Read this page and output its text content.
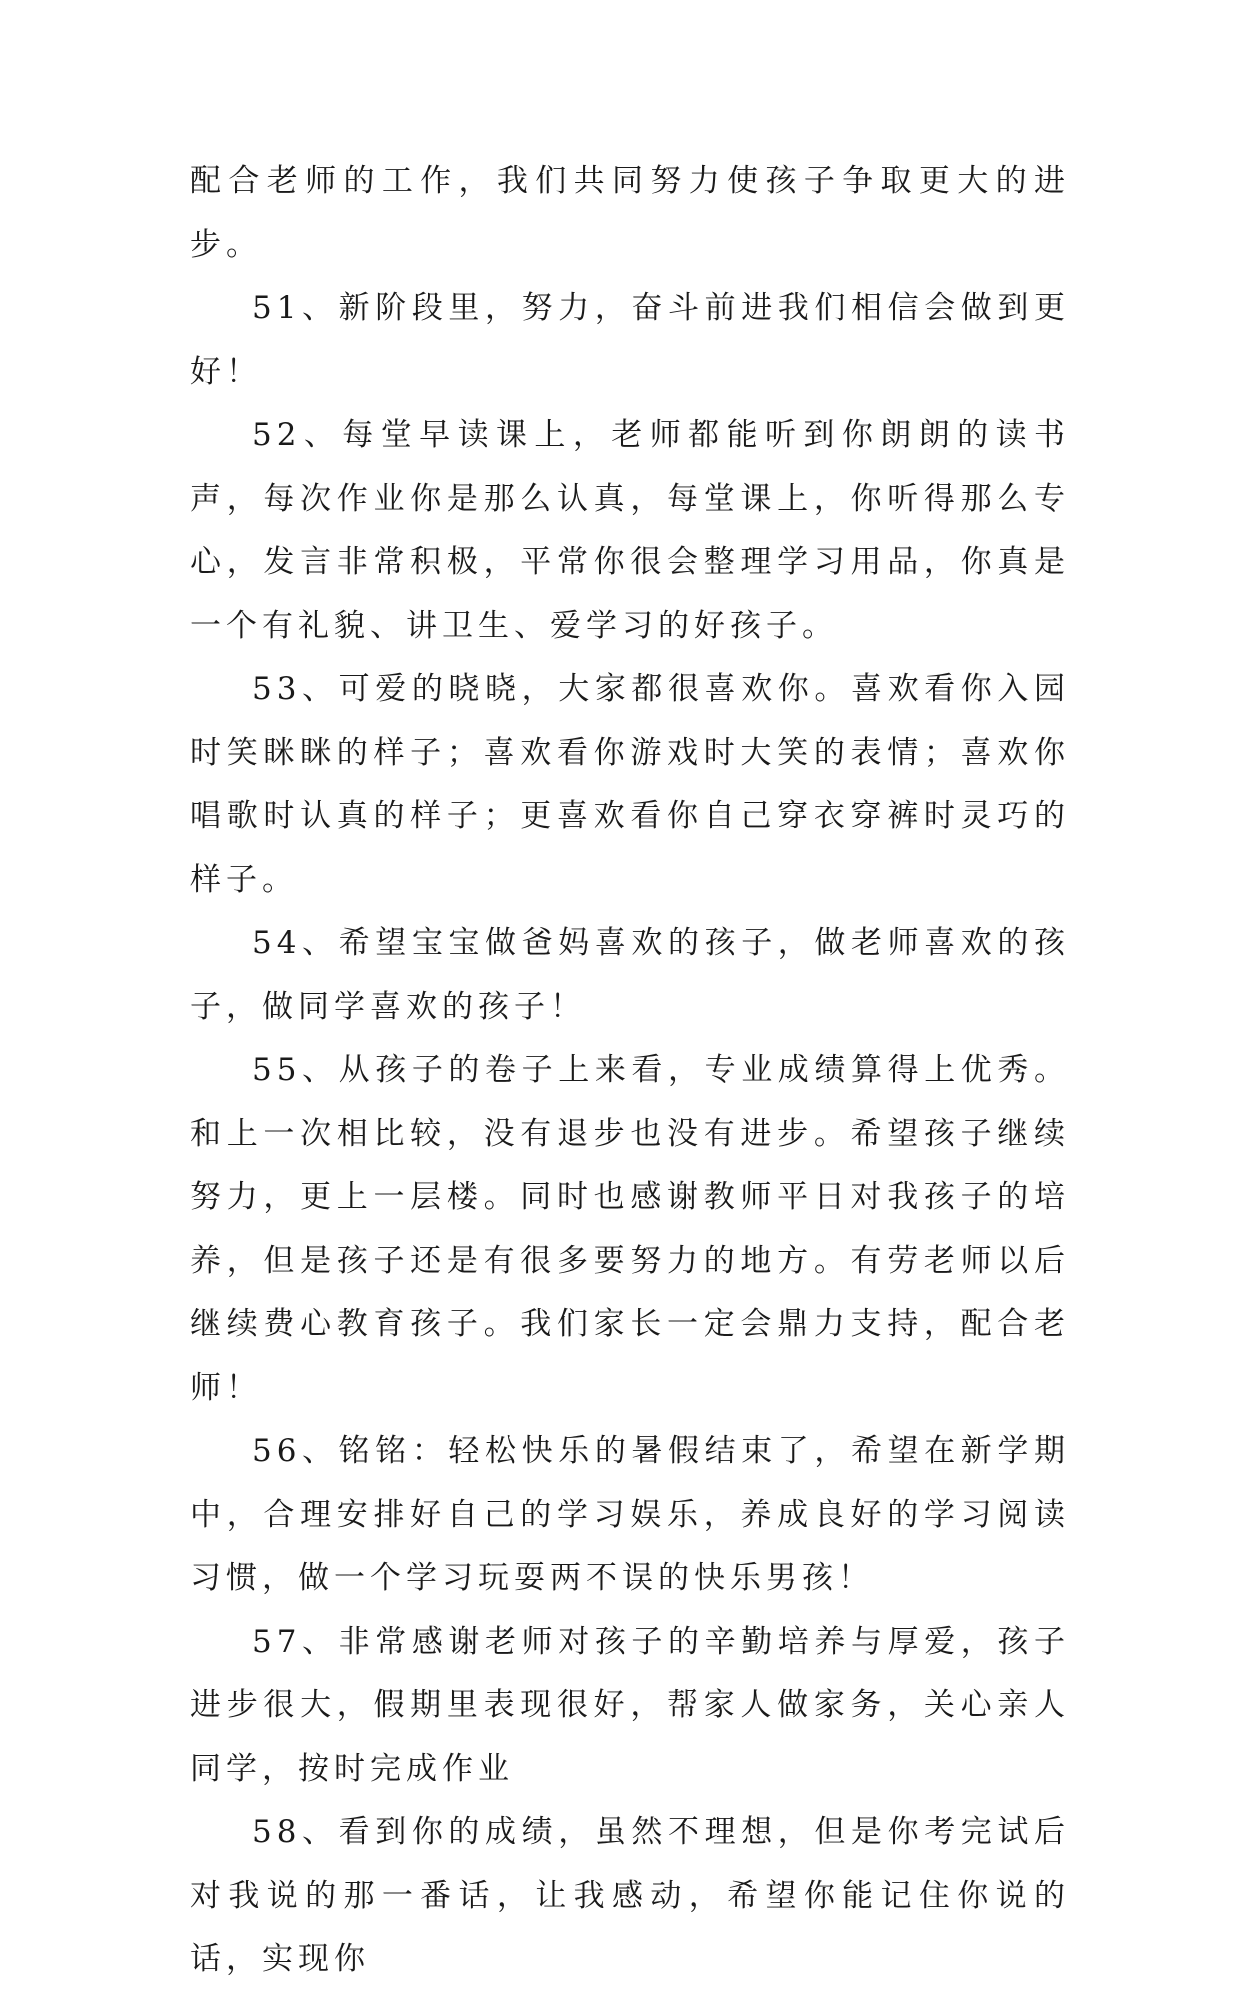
配合老师的工作，我们共同努力使孩子争取更大的进步。

51、新阶段里，努力，奋斗前进我们相信会做到更好！

52、每堂早读课上，老师都能听到你朗朗的读书声，每次作业你是那么认真，每堂课上，你听得那么专心，发言非常积极，平常你很会整理学习用品，你真是一个有礼貌、讲卫生、爱学习的好孩子。

53、可爱的晓晓，大家都很喜欢你。喜欢看你入园时笑眯眯的样子；喜欢看你游戏时大笑的表情；喜欢你唱歌时认真的样子；更喜欢看你自己穿衣穿裤时灵巧的样子。

54、希望宝宝做爸妈喜欢的孩子，做老师喜欢的孩子，做同学喜欢的孩子！

55、从孩子的卷子上来看，专业成绩算得上优秀。和上一次相比较，没有退步也没有进步。希望孩子继续努力，更上一层楼。同时也感谢教师平日对我孩子的培养，但是孩子还是有很多要努力的地方。有劳老师以后继续费心教育孩子。我们家长一定会鼎力支持，配合老师！

56、铭铭：轻松快乐的暑假结束了，希望在新学期中，合理安排好自己的学习娱乐，养成良好的学习阅读习惯，做一个学习玩耍两不误的快乐男孩！

57、非常感谢老师对孩子的辛勤培养与厚爱，孩子进步很大，假期里表现很好，帮家人做家务，关心亲人同学，按时完成作业

58、看到你的成绩，虽然不理想，但是你考完试后对我说的那一番话，让我感动，希望你能记住你说的话，实现你
